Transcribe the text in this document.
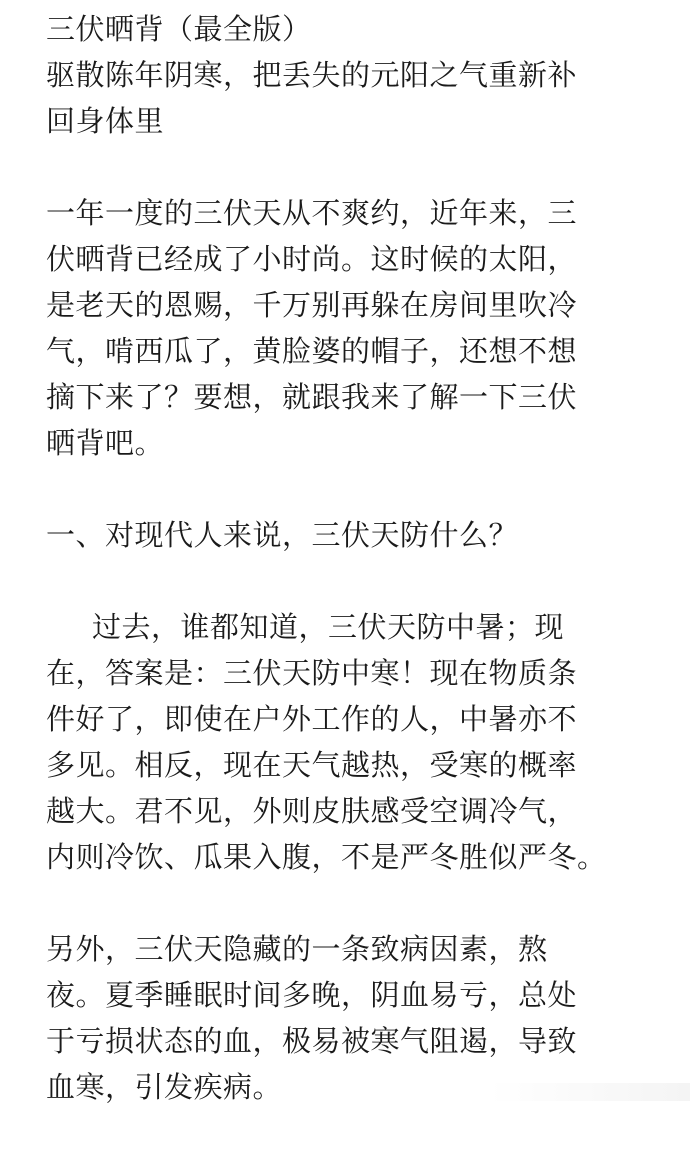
三伏晒背（最全版）
驱散陈年阴寒，把丢失的元阳之气重新补
回身体里
一年一度的三伏天从不爽约，近年来，三
伏晒背已经成了小时尚。这时候的太阳，
是老天的恩赐，千万别再躲在房间里吹冷
气，啃西瓜了，黄脸婆的帽子，还想不想
摘下来了？要想，就跟我来了解一下三伏
晒背吧。
一、对现代人来说，三伏天防什么？
过去，谁都知道，三伏天防中暑；现
在，答案是：三伏天防中寒！现在物质条
件好了，即使在户外工作的人，中暑亦不
多见。相反，现在天气越热，受寒的概率
越大。君不见，外则皮肤感受空调冷气，
内则冷饮、瓜果入腹，不是严冬胜似严冬。
另外，三伏天隐藏的一条致病因素，熬
夜。夏季睡眠时间多晚，阴血易亏，总处
于亏损状态的血，极易被寒气阻遏，导致
血寒，引发疾病。
